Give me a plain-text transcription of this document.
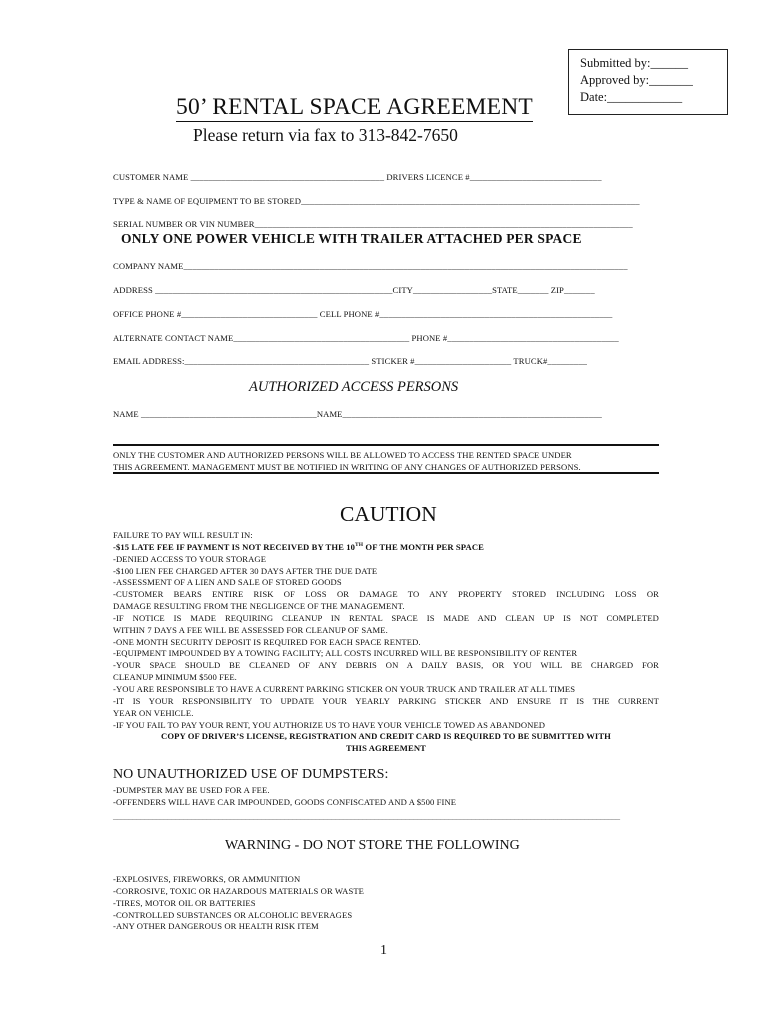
Submitted by:______
Approved by:_______
Date:____________
50’ RENTAL SPACE AGREEMENT
Please return via fax to 313-842-7650
CUSTOMER NAME ____________________________________________ DRIVERS LICENCE #______________________________
TYPE & NAME OF EQUIPMENT TO BE STORED_____________________________________________________________________________
SERIAL NUMBER OR VIN NUMBER______________________________________________________________________________________
ONLY ONE POWER VEHICLE WITH TRAILER ATTACHED PER SPACE
COMPANY NAME_____________________________________________________________________________________________________
ADDRESS ______________________________________________________CITY__________________STATE_______ ZIP_______
OFFICE PHONE #_______________________________ CELL PHONE #_____________________________________________________
ALTERNATE CONTACT NAME________________________________________ PHONE #_______________________________________
EMAIL ADDRESS:__________________________________________ STICKER #______________________ TRUCK#_________
AUTHORIZED ACCESS PERSONS
NAME ________________________________________NAME___________________________________________________________
ONLY THE CUSTOMER AND AUTHORIZED PERSONS WILL BE ALLOWED TO ACCESS THE RENTED SPACE UNDER
THIS AGREEMENT. MANAGEMENT MUST BE NOTIFIED IN WRITING OF ANY CHANGES OF AUTHORIZED PERSONS.
CAUTION
FAILURE TO PAY WILL RESULT IN:
-$15 LATE FEE IF PAYMENT IS NOT RECEIVED BY THE 10TH OF THE MONTH PER SPACE
-DENIED ACCESS TO YOUR STORAGE
-$100 LIEN FEE CHARGED AFTER 30 DAYS AFTER THE DUE DATE
-ASSESSMENT OF A LIEN AND SALE OF STORED GOODS
-CUSTOMER BEARS ENTIRE RISK OF LOSS OR DAMAGE TO ANY PROPERTY STORED INCLUDING LOSS OR
DAMAGE RESULTING FROM THE NEGLIGENCE OF THE MANAGEMENT.
-IF NOTICE IS MADE REQUIRING CLEANUP IN RENTAL SPACE IS MADE AND CLEAN UP IS NOT COMPLETED
WITHIN 7 DAYS A FEE WILL BE ASSESSED FOR CLEANUP OF SAME.
-ONE MONTH SECURITY DEPOSIT IS REQUIRED FOR EACH SPACE RENTED.
-EQUIPMENT IMPOUNDED BY A TOWING FACILITY; ALL COSTS INCURRED WILL BE RESPONSIBILITY OF RENTER
-YOUR SPACE SHOULD BE CLEANED OF ANY DEBRIS ON A DAILY BASIS, OR YOU WILL BE CHARGED FOR
CLEANUP MINIMUM $500 FEE.
-YOU ARE RESPONSIBLE TO HAVE A CURRENT PARKING STICKER ON YOUR TRUCK AND TRAILER AT ALL TIMES
-IT IS YOUR RESPONSIBILITY TO UPDATE YOUR YEARLY PARKING STICKER AND ENSURE IT IS THE CURRENT
YEAR ON VEHICLE.
-IF YOU FAIL TO PAY YOUR RENT, YOU AUTHORIZE US TO HAVE YOUR VEHICLE TOWED AS ABANDONED
COPY OF DRIVER’S LICENSE, REGISTRATION AND CREDIT CARD IS REQUIRED TO BE SUBMITTED WITH
THIS AGREEMENT
NO UNAUTHORIZED USE OF DUMPSTERS:
-DUMPSTER MAY BE USED FOR A FEE.
-OFFENDERS WILL HAVE CAR IMPOUNDED, GOODS CONFISCATED AND A $500 FINE
__________________________________________________________________________________________________________________________________
WARNING - DO NOT STORE THE FOLLOWING
-EXPLOSIVES, FIREWORKS, OR AMMUNITION
-CORROSIVE, TOXIC OR HAZARDOUS MATERIALS OR WASTE
-TIRES, MOTOR OIL OR BATTERIES
-CONTROLLED SUBSTANCES OR ALCOHOLIC BEVERAGES
-ANY OTHER DANGEROUS OR HEALTH RISK ITEM
1
